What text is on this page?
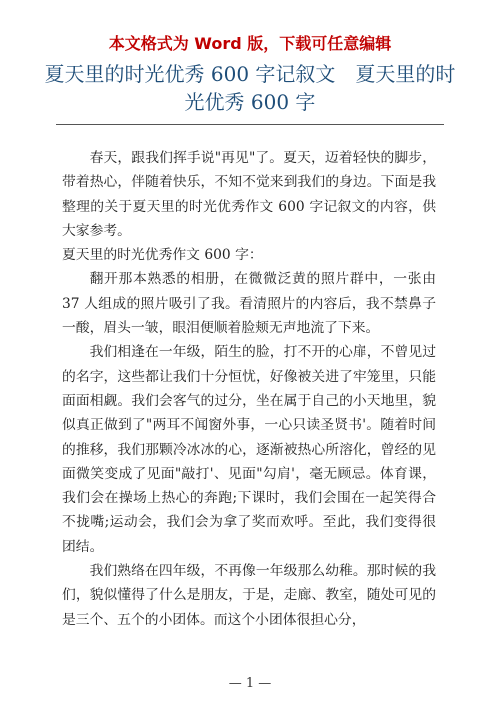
本文格式为 Word 版，下载可任意编辑
夏天里的时光优秀 600 字记叙文　夏天里的时光优秀 600 字

春天，跟我们挥手说"再见"了。夏天，迈着轻快的脚步，带着热心，伴随着快乐，不知不觉来到我们的身边。下面是我整理的关于夏天里的时光优秀作文 600 字记叙文的内容，供大家参考。

夏天里的时光优秀作文 600 字：

翻开那本熟悉的相册，在微微泛黄的照片群中，一张由 37 人组成的照片吸引了我。看清照片的内容后，我不禁鼻子一酸，眉头一皱，眼泪便顺着脸颊无声地流了下来。

我们相逢在一年级，陌生的脸，打不开的心扉，不曾见过的名字，这些都让我们十分恒忧，好像被关进了牢笼里，只能面面相觑。我们会客气的过分，坐在属于自己的小天地里，貌似真正做到了"两耳不闻窗外事，一心只读圣贤书'。随着时间的推移，我们那颗冷冰冰的心，逐渐被热心所溶化，曾经的见面微笑变成了见面"敲打'、见面"勾肩'，毫无顾忌。体育课，我们会在操场上热心的奔跑;下课时，我们会围在一起笑得合不拢嘴;运动会，我们会为拿了奖而欢呼。至此，我们变得很团结。

我们熟络在四年级，不再像一年级那么幼稚。那时候的我们，貌似懂得了什么是朋友，于是，走廊、教室，随处可见的是三个、五个的小团体。而这个小团体很担心分，

— 1 —
